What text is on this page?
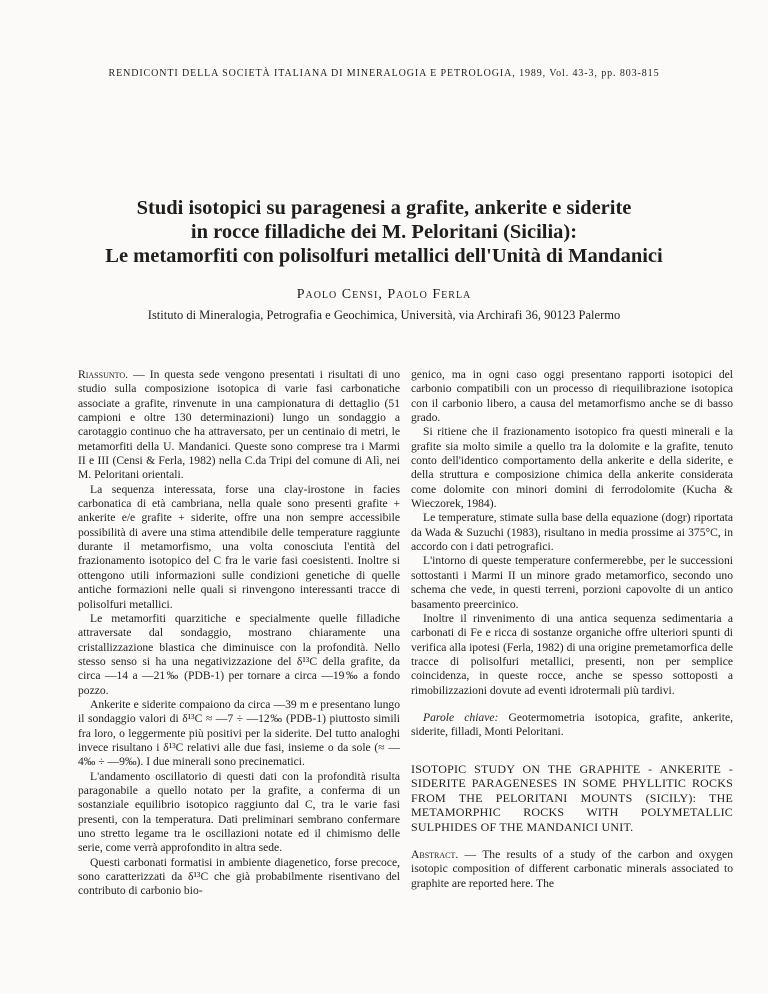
RENDICONTI DELLA SOCIETÀ ITALIANA DI MINERALOGIA E PETROLOGIA, 1989, Vol. 43-3, pp. 803-815
Studi isotopici su paragenesi a grafite, ankerite e siderite
in rocce filladiche dei M. Peloritani (Sicilia):
Le metamorfiti con polisolfuri metallici dell'Unità di Mandanici
Paolo Censi, Paolo Ferla
Istituto di Mineralogia, Petrografia e Geochimica, Università, via Archirafi 36, 90123 Palermo

Riassunto. — In questa sede vengono presentati i risultati di uno studio sulla composizione isotopica di varie fasi carbonatiche associate a grafite, rinvenute in una campionatura di dettaglio (51 campioni e oltre 130 determinazioni) lungo un sondaggio a carotaggio continuo che ha attraversato, per un centinaio di metri, le metamorfiti della U. Mandanici. Queste sono comprese tra i Marmi II e III (Censi & Ferla, 1982) nella C.da Tripi del comune di Alì, nei M. Peloritani orientali.

La sequenza interessata, forse una clay-irostone in facies carbonatica di età cambriana, nella quale sono presenti grafite + ankerite e/e grafite + siderite, offre una non sempre accessibile possibilità di avere una stima attendibile delle temperature raggiunte durante il metamorfismo, una volta conosciuta l'entità del frazionamento isotopico del C fra le varie fasi coesistenti. Inoltre si ottengono utili informazioni sulle condizioni genetiche di quelle antiche formazioni nelle quali si rinvengono interessanti tracce di polisolfuri metallici.

Le metamorfiti quarzitiche e specialmente quelle filladiche attraversate dal sondaggio, mostrano chiaramente una cristallizzazione blastica che diminuisce con la profondità. Nello stesso senso si ha una negativizzazione del δ¹³C della grafite, da circa —14 a —21‰ (PDB-1) per tornare a circa —19‰ a fondo pozzo.

Ankerite e siderite compaiono da circa —39 m e presentano lungo il sondaggio valori di δ¹³C ≈ —7 ÷ —12‰ (PDB-1) piuttosto simili fra loro, o leggermente più positivi per la siderite. Del tutto analoghi invece risultano i δ¹³C relativi alle due fasi, insieme o da sole (≈ —4‰ ÷ —9‰). I due minerali sono precinematici.

L'andamento oscillatorio di questi dati con la profondità risulta paragonabile a quello notato per la grafite, a conferma di un sostanziale equilibrio isotopico raggiunto dal C, tra le varie fasi presenti, con la temperatura. Dati preliminari sembrano confermare uno stretto legame tra le oscillazioni notate ed il chimismo delle serie, come verrà approfondito in altra sede.

Questi carbonati formatisi in ambiente diagenetico, forse precoce, sono caratterizzati da δ¹³C che già probabilmente risentivano del contributo di carbonio bio-

genico, ma in ogni caso oggi presentano rapporti isotopici del carbonio compatibili con un processo di riequilibrazione isotopica con il carbonio libero, a causa del metamorfismo anche se di basso grado.

Si ritiene che il frazionamento isotopico fra questi minerali e la grafite sia molto simile a quello tra la dolomite e la grafite, tenuto conto dell'identico comportamento della ankerite e della siderite, e della struttura e composizione chimica della ankerite considerata come dolomite con minori domini di ferrodolomite (Kucha & Wieczorek, 1984).

Le temperature, stimate sulla base della equazione (dogr) riportata da Wada & Suzuchi (1983), risultano in media prossime ai 375°C, in accordo con i dati petrografici.

L'intorno di queste temperature confermerebbe, per le successioni sottostanti i Marmi II un minore grado metamorfico, secondo uno schema che vede, in questi terreni, porzioni capovolte di un antico basamento preercinico.

Inoltre il rinvenimento di una antica sequenza sedimentaria a carbonati di Fe e ricca di sostanze organiche offre ulteriori spunti di verifica alla ipotesi (Ferla, 1982) di una origine premetamorfica delle tracce di polisolfuri metallici, presenti, non per semplice coincidenza, in queste rocce, anche se spesso sottoposti a rimobilizzazioni dovute ad eventi idrotermali più tardivi.

Parole chiave: Geotermometria isotopica, grafite, ankerite, siderite, filladi, Monti Peloritani.

ISOTOPIC STUDY ON THE GRAPHITE - ANKERITE - SIDERITE PARAGENESES IN SOME PHYLLITIC ROCKS FROM THE PELORITANI MOUNTS (SICILY): THE METAMORPHIC ROCKS WITH POLYMETALLIC SULPHIDES OF THE MANDANICI UNIT.

Abstract. — The results of a study of the carbon and oxygen isotopic composition of different carbonatic minerals associated to graphite are reported here. The
